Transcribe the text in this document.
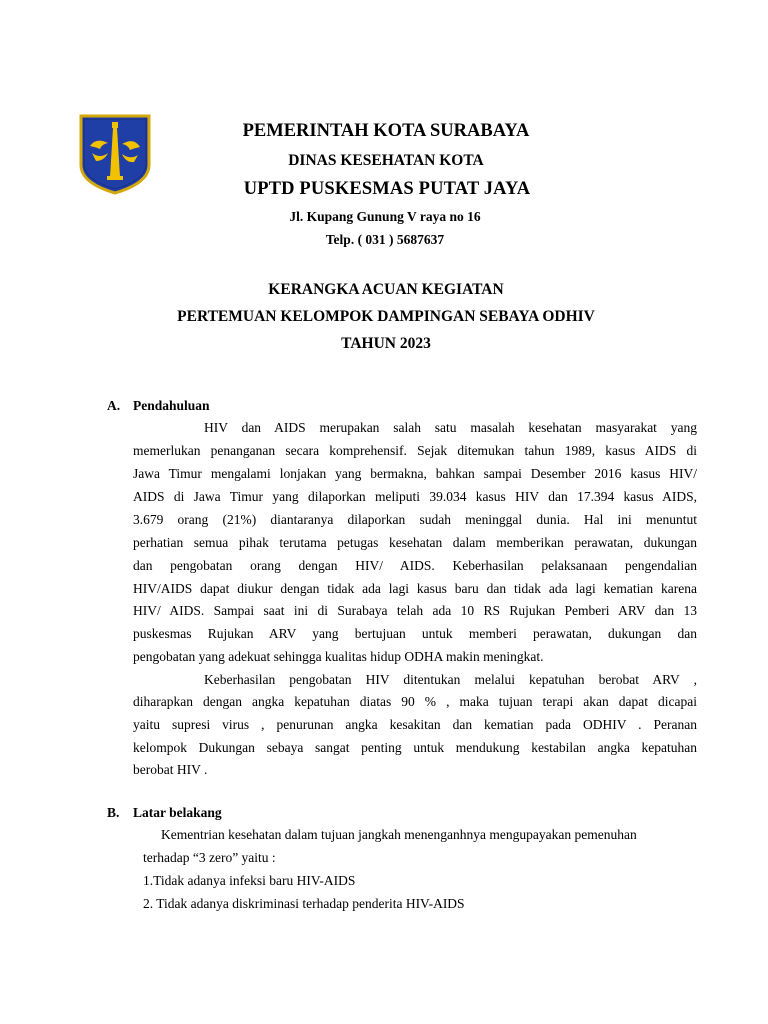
PEMERINTAH KOTA SURABAYA
DINAS KESEHATAN KOTA
UPTD PUSKESMAS PUTAT JAYA
Jl. Kupang Gunung V raya no 16
Telp. ( 031 ) 5687637
KERANGKA ACUAN KEGIATAN
PERTEMUAN KELOMPOK DAMPINGAN SEBAYA ODHIV
TAHUN 2023
A. Pendahuluan
HIV dan AIDS merupakan salah satu masalah kesehatan masyarakat yang
memerlukan penanganan secara komprehensif. Sejak ditemukan tahun 1989, kasus AIDS di
Jawa Timur mengalami lonjakan yang bermakna, bahkan sampai Desember 2016 kasus HIV/
AIDS di Jawa Timur yang dilaporkan meliputi 39.034 kasus HIV dan 17.394 kasus AIDS,
3.679 orang (21%) diantaranya dilaporkan sudah meninggal dunia. Hal ini menuntut
perhatian semua pihak terutama petugas kesehatan dalam memberikan perawatan, dukungan
dan pengobatan orang dengan HIV/ AIDS. Keberhasilan pelaksanaan pengendalian
HIV/AIDS dapat diukur dengan tidak ada lagi kasus baru dan tidak ada lagi kematian karena
HIV/ AIDS. Sampai saat ini di Surabaya telah ada 10 RS Rujukan Pemberi ARV dan 13
puskesmas Rujukan ARV yang bertujuan untuk memberi perawatan, dukungan dan
pengobatan yang adekuat sehingga kualitas hidup ODHA makin meningkat.
Keberhasilan pengobatan HIV ditentukan melalui kepatuhan berobat ARV ,
diharapkan dengan angka kepatuhan diatas 90 % , maka tujuan terapi akan dapat dicapai
yaitu supresi virus , penurunan angka kesakitan dan kematian pada ODHIV . Peranan
kelompok Dukungan sebaya sangat penting untuk mendukung kestabilan angka kepatuhan
berobat HIV .
B. Latar belakang
Kementrian kesehatan dalam tujuan jangkah menenganhnya mengupayakan pemenuhan
terhadap “3 zero” yaitu :
1.Tidak adanya infeksi baru HIV-AIDS
2. Tidak adanya diskriminasi terhadap penderita HIV-AIDS
